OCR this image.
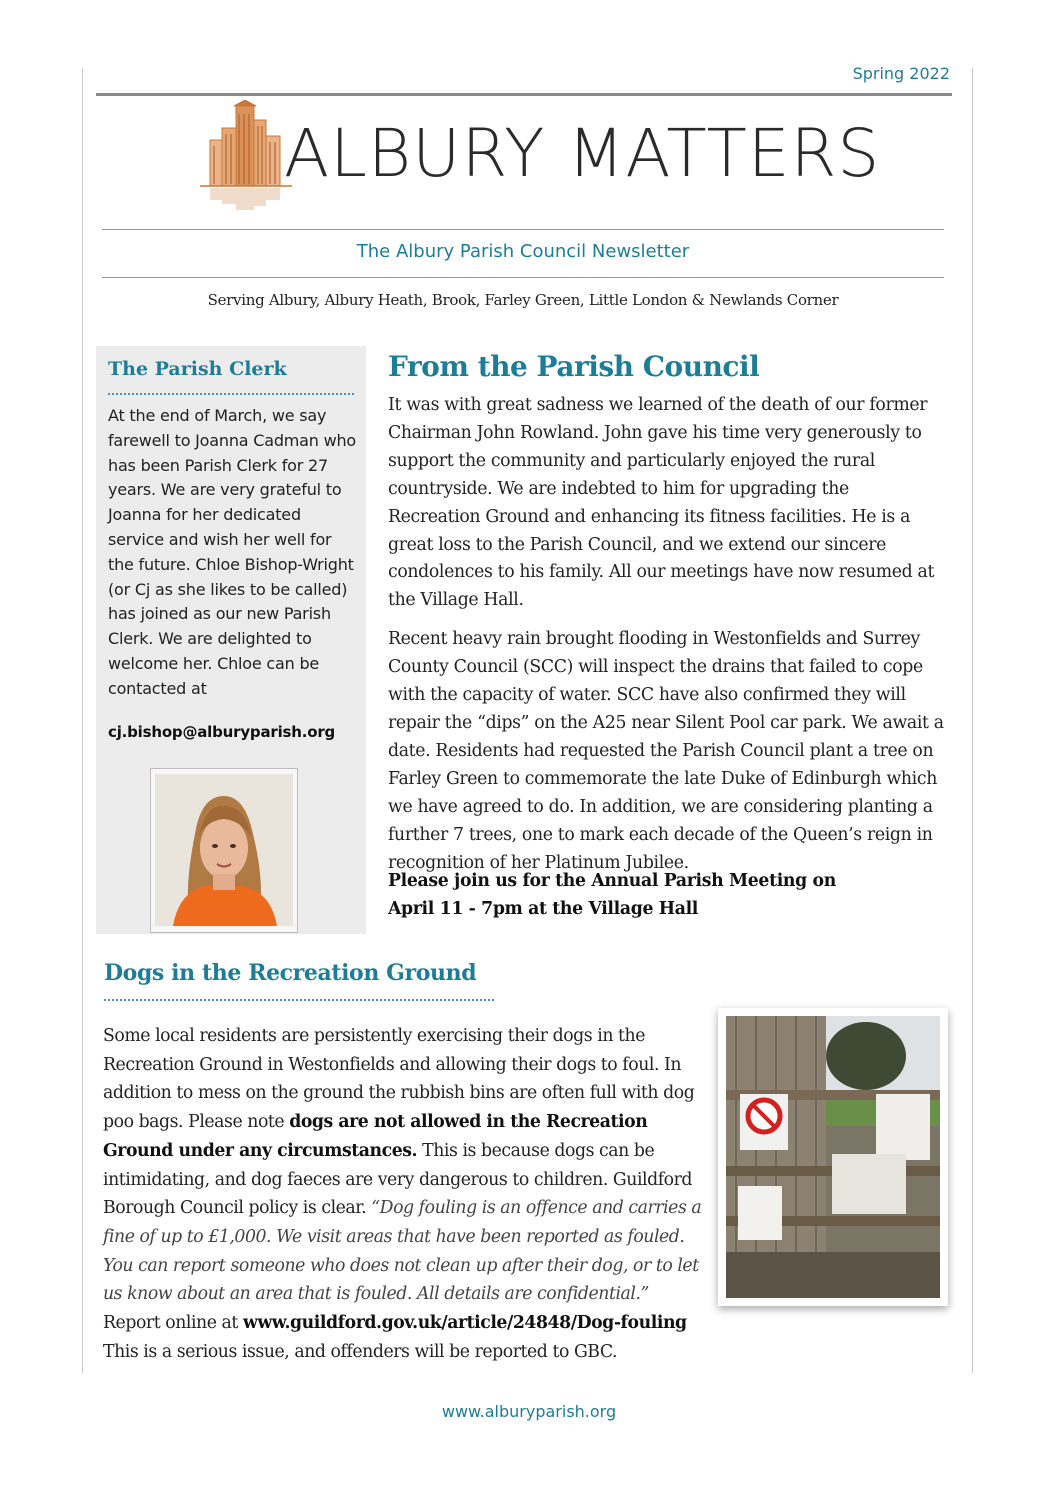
Spring 2022
ALBURY MATTERS
The Albury Parish Council Newsletter
Serving Albury, Albury Heath, Brook, Farley Green, Little London & Newlands Corner
The Parish Clerk
At the end of March, we say farewell to Joanna Cadman who has been Parish Clerk for 27 years. We are very grateful to Joanna for her dedicated service and wish her well for the future. Chloe Bishop-Wright (or Cj as she likes to be called) has joined as our new Parish Clerk. We are delighted to welcome her. Chloe can be contacted at
cj.bishop@alburyparish.org
From the Parish Council

It was with great sadness we learned of the death of our former Chairman John Rowland. John gave his time very generously to support the community and particularly enjoyed the rural countryside. We are indebted to him for upgrading the Recreation Ground and enhancing its fitness facilities. He is a great loss to the Parish Council, and we extend our sincere condolences to his family. All our meetings have now resumed at the Village Hall.

Recent heavy rain brought flooding in Westonfields and Surrey County Council (SCC) will inspect the drains that failed to cope with the capacity of water. SCC have also confirmed they will repair the “dips” on the A25 near Silent Pool car park. We await a date. Residents had requested the Parish Council plant a tree on Farley Green to commemorate the late Duke of Edinburgh which we have agreed to do. In addition, we are considering planting a further 7 trees, one to mark each decade of the Queen’s reign in recognition of her Platinum Jubilee.

Please join us for the Annual Parish Meeting on
April 11 - 7pm at the Village Hall
Dogs in the Recreation Ground
Some local residents are persistently exercising their dogs in the Recreation Ground in Westonfields and allowing their dogs to foul. In addition to mess on the ground the rubbish bins are often full with dog poo bags. Please note dogs are not allowed in the Recreation Ground under any circumstances. This is because dogs can be intimidating, and dog faeces are very dangerous to children. Guildford Borough Council policy is clear. “Dog fouling is an offence and carries a fine of up to £1,000. We visit areas that have been reported as fouled. You can report someone who does not clean up after their dog, or to let us know about an area that is fouled. All details are confidential.” Report online at www.guildford.gov.uk/article/24848/Dog-fouling This is a serious issue, and offenders will be reported to GBC.
www.alburyparish.org
